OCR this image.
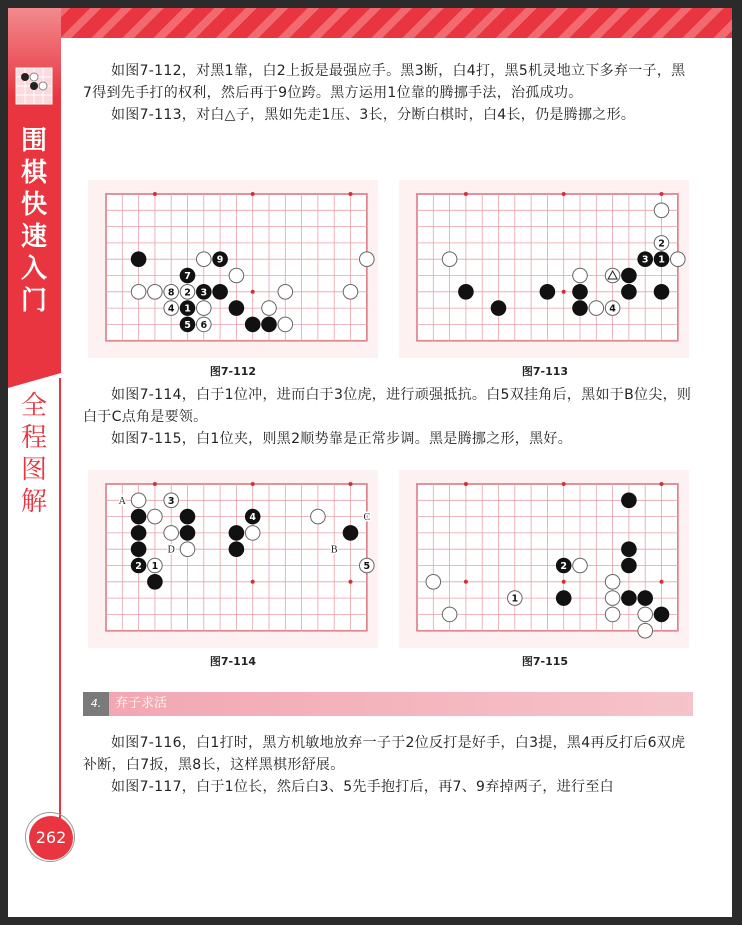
围
棋
快
速
入
门
全
程
图
解

如图7-112，对黑1靠，白2上扳是最强应手。黑3断，白4打，黑5机灵地立下多弃一子，黑7得到先手打的权利，然后再于9位跨。黑方运用1位靠的腾挪手法，治孤成功。

如图7-113，对白△子，黑如先走1压、3长，分断白棋时，白4长，仍是腾挪之形。

9
7
8 2 3
4 1
5 6
2
3 1
4
图7-112	图7-113

如图7-114，白于1位冲，进而白于3位虎，进行顽强抵抗。白5双挂角后，黑如于B位尖，则白于C点角是要领。

如图7-115，白1位夹，则黑2顺势靠是正常步调。黑是腾挪之形，黑好。

A
C
D	B
3
4
2 1	5	2
1
图7-114	图7-115
4.	弃子求活

如图7-116，白1打时，黑方机敏地放弃一子于2位反打是好手，白3提，黑4再反打后6双虎补断，白7扳，黑8长，这样黑棋形舒展。

如图7-117，白于1位长，然后白3、5先手抱打后，再7、9弃掉两子，进行至白

262
